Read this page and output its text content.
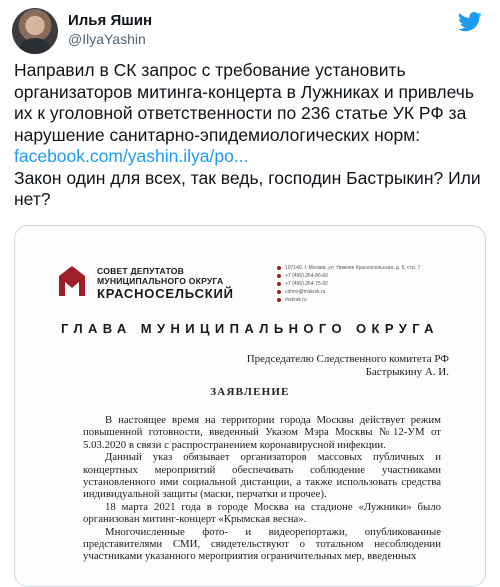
Илья Яшин
@IlyaYashin

Направил в СК запрос с требование установить организаторов митинга-концерта в Лужниках и привлечь их к уголовной ответственности по 236 статье УК РФ за нарушение санитарно-эпидемиологических норм:

facebook.com/yashin.ilya/po...

Закон один для всех, так ведь, господин Бастрыкин? Или нет?

СОВЕТ ДЕПУТАТОВ
МУНИЦИПАЛЬНОГО ОКРУГА
КРАСНОСЕЛЬСКИЙ
107140, г. Москва, ул. Нижняя Красносельская, д. 5, стр. 7
+7 (495) 264-86-60
+7 (495) 264-75-92
cdmrs@mskrsk.ru
mskrsk.ru
ГЛАВА МУНИЦИПАЛЬНОГО ОКРУГА
Председателю Следственного комитета РФ
Бастрыкину А. И.
ЗАЯВЛЕНИЕ

В настоящее время на территории города Москвы действует режим повышенной готовности, введенный Указом Мэра Москвы №12-УМ от 5.03.2020 в связи с распространением коронавирусной инфекции.

Данный указ обязывает организаторов массовых публичных и концертных мероприятий обеспечивать соблюдение участниками установленного ими социальной дистанции, а также использовать средства индивидуальной защиты (маски, перчатки и прочее).

18 марта 2021 года в городе Москва на стадионе «Лужники» было организован митинг-концерт «Крымская весна».

Многочисленные фото- и видеорепортажи, опубликованные представителями СМИ, свидетельствуют о тотальном несоблюдении участниками указанного мероприятия ограничительных мер, введенных
